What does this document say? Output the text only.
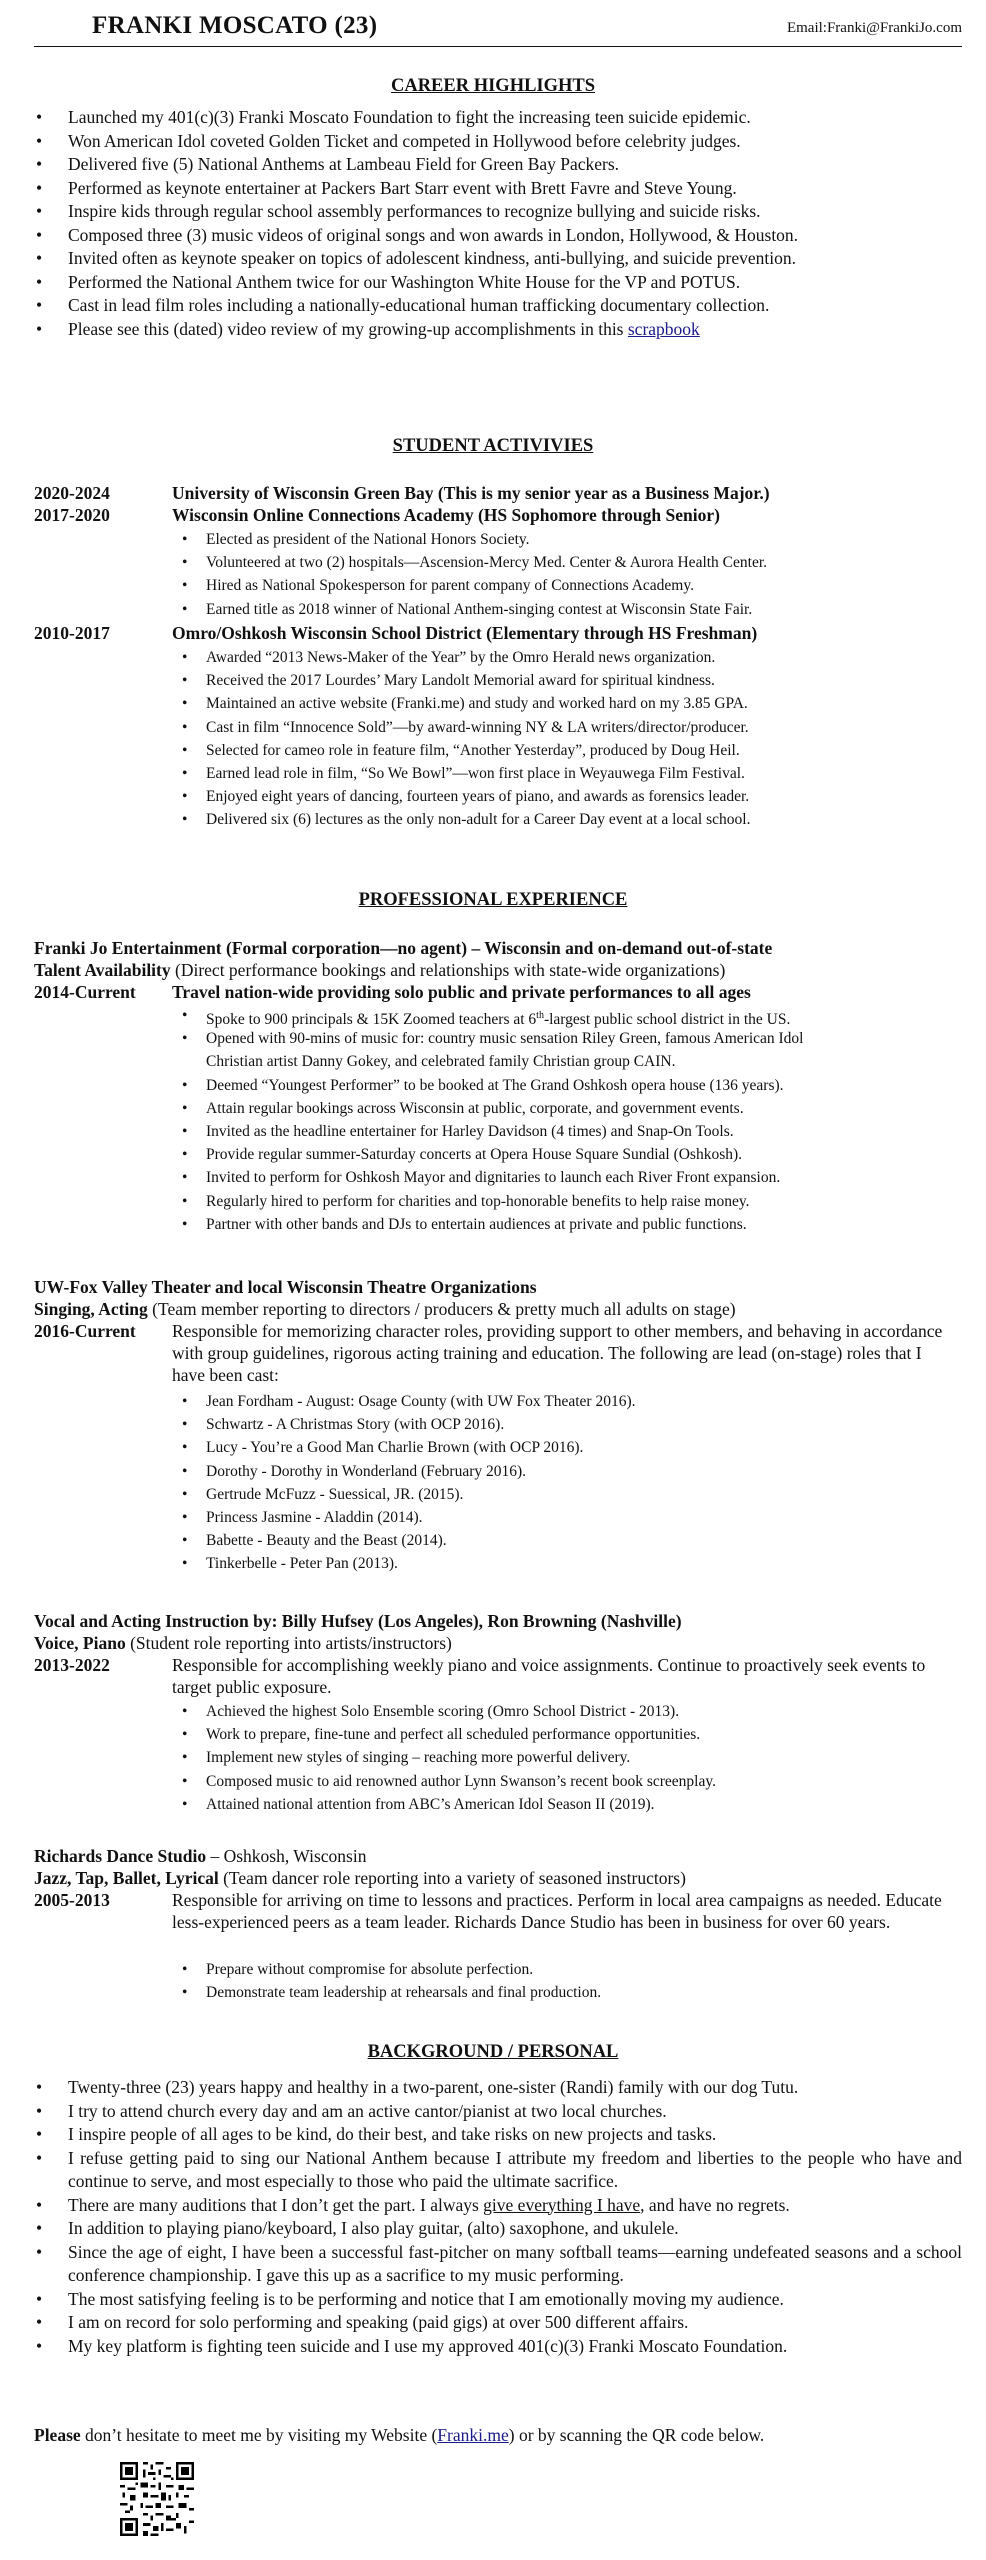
FRANKI MOSCATO (23)	Email:Franki@FrankiJo.com
CAREER HIGHLIGHTS
• Launched my 401(c)(3) Franki Moscato Foundation to fight the increasing teen suicide epidemic.
• Won American Idol coveted Golden Ticket and competed in Hollywood before celebrity judges.
• Delivered five (5) National Anthems at Lambeau Field for Green Bay Packers.
• Performed as keynote entertainer at Packers Bart Starr event with Brett Favre and Steve Young.
• Inspire kids through regular school assembly performances to recognize bullying and suicide risks.
• Composed three (3) music videos of original songs and won awards in London, Hollywood, & Houston.
• Invited often as keynote speaker on topics of adolescent kindness, anti-bullying, and suicide prevention.
• Performed the National Anthem twice for our Washington White House for the VP and POTUS.
• Cast in lead film roles including a nationally-educational human trafficking documentary collection.
• Please see this (dated) video review of my growing-up accomplishments in this scrapbook
STUDENT ACTIVIVIES
2020-2024	University of Wisconsin Green Bay (This is my senior year as a Business Major.)
2017-2020	Wisconsin Online Connections Academy (HS Sophomore through Senior)
• Elected as president of the National Honors Society.
• Volunteered at two (2) hospitals—Ascension-Mercy Med. Center & Aurora Health Center.
• Hired as National Spokesperson for parent company of Connections Academy.
• Earned title as 2018 winner of National Anthem-singing contest at Wisconsin State Fair.
2010-2017	Omro/Oshkosh Wisconsin School District (Elementary through HS Freshman)
• Awarded “2013 News-Maker of the Year” by the Omro Herald news organization.
• Received the 2017 Lourdes’ Mary Landolt Memorial award for spiritual kindness.
• Maintained an active website (Franki.me) and study and worked hard on my 3.85 GPA.
• Cast in film “Innocence Sold”—by award-winning NY & LA writers/director/producer.
• Selected for cameo role in feature film, “Another Yesterday”, produced by Doug Heil.
• Earned lead role in film, “So We Bowl”—won first place in Weyauwega Film Festival.
• Enjoyed eight years of dancing, fourteen years of piano, and awards as forensics leader.
• Delivered six (6) lectures as the only non-adult for a Career Day event at a local school.
PROFESSIONAL EXPERIENCE
Franki Jo Entertainment (Formal corporation—no agent) – Wisconsin and on-demand out-of-state
Talent Availability (Direct performance bookings and relationships with state-wide organizations)
2014-Current Travel nation-wide providing solo public and private performances to all ages
• Spoke to 900 principals & 15K Zoomed teachers at 6th-largest public school district in the US.
• Opened with 90-mins of music for: country music sensation Riley Green, famous American Idol
Christian artist Danny Gokey, and celebrated family Christian group CAIN.
• Deemed “Youngest Performer” to be booked at The Grand Oshkosh opera house (136 years).
• Attain regular bookings across Wisconsin at public, corporate, and government events.
• Invited as the headline entertainer for Harley Davidson (4 times) and Snap-On Tools.
• Provide regular summer-Saturday concerts at Opera House Square Sundial (Oshkosh).
• Invited to perform for Oshkosh Mayor and dignitaries to launch each River Front expansion.
• Regularly hired to perform for charities and top-honorable benefits to help raise money.
• Partner with other bands and DJs to entertain audiences at private and public functions.
UW-Fox Valley Theater and local Wisconsin Theatre Organizations
Singing, Acting (Team member reporting to directors / producers & pretty much all adults on stage)
2016-Current	Responsible for memorizing character roles, providing support to other members, and behaving in accordance with group guidelines, rigorous acting training and education. The following are lead (on-stage) roles that I have been cast:
• Jean Fordham - August: Osage County (with UW Fox Theater 2016).
• Schwartz - A Christmas Story (with OCP 2016).
• Lucy - You’re a Good Man Charlie Brown (with OCP 2016).
• Dorothy - Dorothy in Wonderland (February 2016).
• Gertrude McFuzz - Suessical, JR. (2015).
• Princess Jasmine - Aladdin (2014).
• Babette - Beauty and the Beast (2014).
• Tinkerbelle - Peter Pan (2013).
Vocal and Acting Instruction by: Billy Hufsey (Los Angeles), Ron Browning (Nashville)
Voice, Piano (Student role reporting into artists/instructors)
2013-2022	Responsible for accomplishing weekly piano and voice assignments. Continue to proactively seek events to target public exposure.
• Achieved the highest Solo Ensemble scoring (Omro School District - 2013).
• Work to prepare, fine-tune and perfect all scheduled performance opportunities.
• Implement new styles of singing – reaching more powerful delivery.
• Composed music to aid renowned author Lynn Swanson’s recent book screenplay.
• Attained national attention from ABC’s American Idol Season II (2019).
Richards Dance Studio – Oshkosh, Wisconsin
Jazz, Tap, Ballet, Lyrical (Team dancer role reporting into a variety of seasoned instructors)
2005-2013	Responsible for arriving on time to lessons and practices. Perform in local area campaigns as needed. Educate less-experienced peers as a team leader. Richards Dance Studio has been in business for over 60 years.
• Prepare without compromise for absolute perfection.
• Demonstrate team leadership at rehearsals and final production.
BACKGROUND / PERSONAL
• Twenty-three (23) years happy and healthy in a two-parent, one-sister (Randi) family with our dog Tutu.
• I try to attend church every day and am an active cantor/pianist at two local churches.
• I inspire people of all ages to be kind, do their best, and take risks on new projects and tasks.
• I refuse getting paid to sing our National Anthem because I attribute my freedom and liberties to the people who have and continue to serve, and most especially to those who paid the ultimate sacrifice.
• There are many auditions that I don’t get the part. I always give everything I have, and have no regrets.
• In addition to playing piano/keyboard, I also play guitar, (alto) saxophone, and ukulele.
• Since the age of eight, I have been a successful fast-pitcher on many softball teams—earning undefeated seasons and a school conference championship. I gave this up as a sacrifice to my music performing.
• The most satisfying feeling is to be performing and notice that I am emotionally moving my audience.
• I am on record for solo performing and speaking (paid gigs) at over 500 different affairs.
• My key platform is fighting teen suicide and I use my approved 401(c)(3) Franki Moscato Foundation.
Please don’t hesitate to meet me by visiting my Website (Franki.me) or by scanning the QR code below.
